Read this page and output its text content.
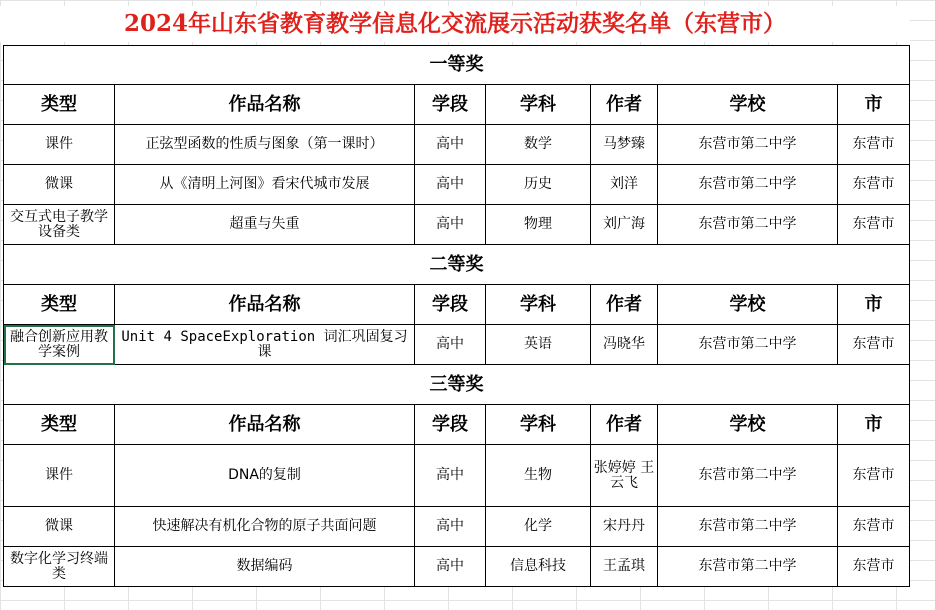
2024年山东省教育教学信息化交流展示活动获奖名单（东营市）
一等奖						
类型	作品名称	学段	学科	作者	学校	市
课件	正弦型函数的性质与图象（第一课时）	高中	数学	马梦臻	东营市第二中学	东营市
微课	从《清明上河图》看宋代城市发展	高中	历史	刘洋	东营市第二中学	东营市
交互式电子教学设备类	超重与失重	高中	物理	刘广海	东营市第二中学	东营市
二等奖						
类型	作品名称	学段	学科	作者	学校	市
融合创新应用教学案例	Unit 4 SpaceExploration 词汇巩固复习课	高中	英语	冯晓华	东营市第二中学	东营市
三等奖						
类型	作品名称	学段	学科	作者	学校	市
课件	DNA的复制	高中	生物	张婷婷 王云飞	东营市第二中学	东营市
微课	快速解决有机化合物的原子共面问题	高中	化学	宋丹丹	东营市第二中学	东营市
数字化学习终端类	数据编码	高中	信息科技	王孟琪	东营市第二中学	东营市
